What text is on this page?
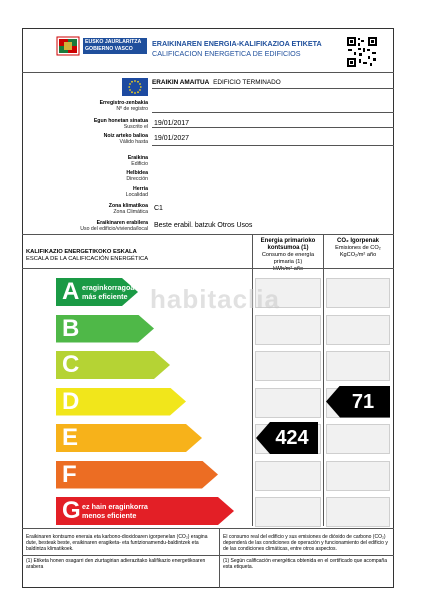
EUSKO JAURLARITZA
GOBIERNO VASCO
ERAIKINAREN ENERGIA-KALIFIKAZIOA ETIKETA
CALIFICACION ENERGETICA DE EDIFICIOS
ERAIKIN AMAITUA EDIFICIO TERMINADO
Erregistro-zenbakia
Nº de registro
Egun honetan sinatua
Suscrito el 19/01/2017
Noiz arteko balioa
Válido hasta 19/01/2027
Eraikina
Edificio
Helbidea
Dirección
Herria
Localidad
Zona klimatikoa
Zona Climática C1
Eraikinaren erabilera
Uso del edificio/vivienda/local Beste erabil. batzuk Otros Usos
KALIFIKAZIO ENERGETIKOKO ESKALA
ESCALA DE LA CALIFICACIÓN ENERGÉTICA
Energia primarioko kontsumoa (1)
Consumo de energía primaria (1)
kWh/m² año
CO₂ Igorpenak
Emisiones de CO₂
KgCO₂/m² año
A
B
C
D
E
F
G
eraginkorragoa
más eficiente
ez hain eraginkorra
menos eficiente
424
71
habitaclia
Eraikinaren kontsumo eneraia eta karbono-dioxidoaren igorpenelan (CO₂) eragina dute, besteak beste, eraikinaren eragiketa- eta funtzionamendu-baldintzek eta baldintza klimatikoek.
El consumo real del edificio y sus emisiones de dióxido de carbono (CO₂) dependerá de las condiciones de operación y funcionamiento del edificio y de las condiciones climáticas, entre otros aspectos.
(1) Etiketa honen osagarri den ziurtagirian adierazitako kalifikazio energetikoaren arabera
(1) Según calificación energética obtenida en el certificado que acompaña esta etiqueta.
